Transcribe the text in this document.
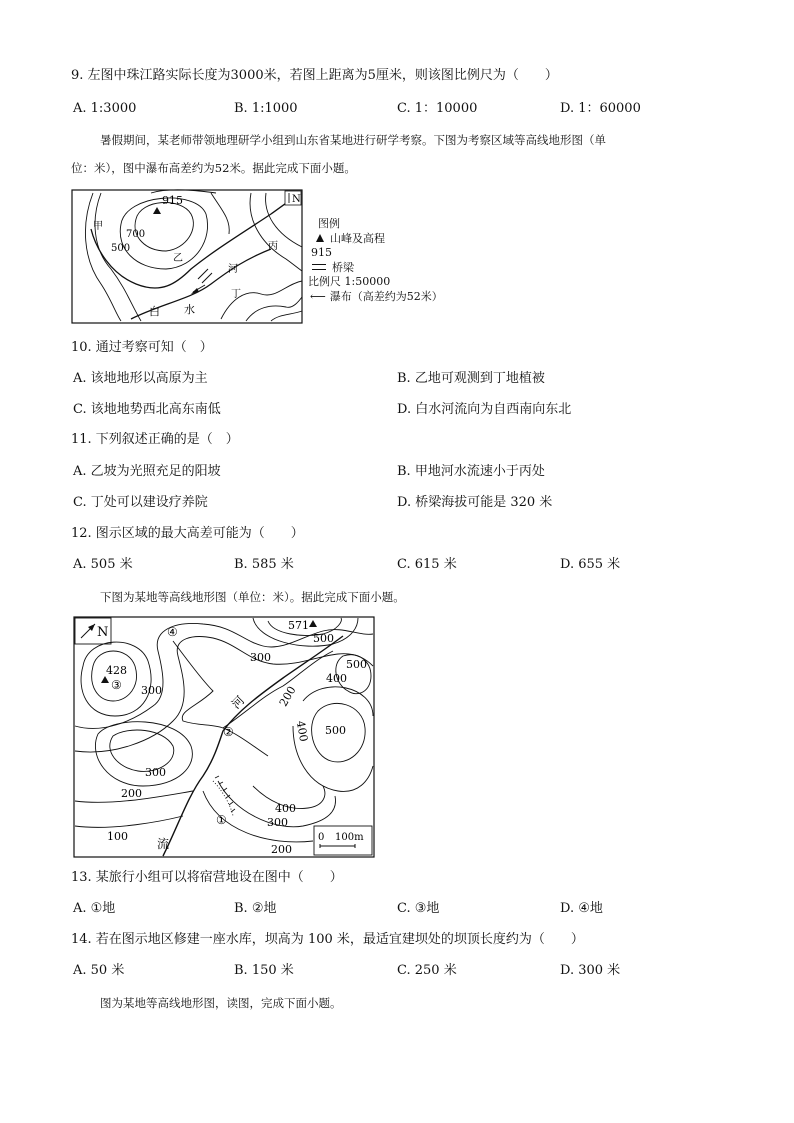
9. 左图中珠江路实际长度为3000米，若图上距离为5厘米，则该图比例尺为（　　）
A. 1:3000	B. 1:1000	C. 1：10000	D. 1：60000
暑假期间，某老师带领地理研学小组到山东省某地进行研学考察。下图为考察区域等高线地形图（单
位：米），图中瀑布高差约为52米。据此完成下面小题。
915	N
甲
700
500
乙
丙
河
丁
白 水
图例
山峰及高程
915
桥梁
比例尺 1:50000
⟵ 瀑布（高差约为52米）
10. 通过考察可知（　）
A. 该地地形以高原为主	B. 乙地可观测到丁地植被
C. 该地地势西北高东南低	D. 白水河流向为自西南向东北
11. 下列叙述正确的是（　）
A. 乙坡为光照充足的阳坡	B. 甲地河水流速小于丙处
C. 丁处可以建设疗养院	D. 桥梁海拔可能是 320 米
12. 图示区域的最大高差可能为（　　）
A. 505 米	B. 585 米	C. 615 米	D. 655 米
下图为某地等高线地形图（单位：米）。据此完成下面小题。
N	571
428
③
④
②
①
500
300
500
400
200
300
500
400
300
200
300
400
100
200
河
流	0 100m
13. 某旅行小组可以将宿营地设在图中（　　）
A. ①地	B. ②地	C. ③地	D. ④地
14. 若在图示地区修建一座水库，坝高为 100 米，最适宜建坝处的坝顶长度约为（　　）
A. 50 米	B. 150 米	C. 250 米	D. 300 米
图为某地等高线地形图，读图，完成下面小题。
